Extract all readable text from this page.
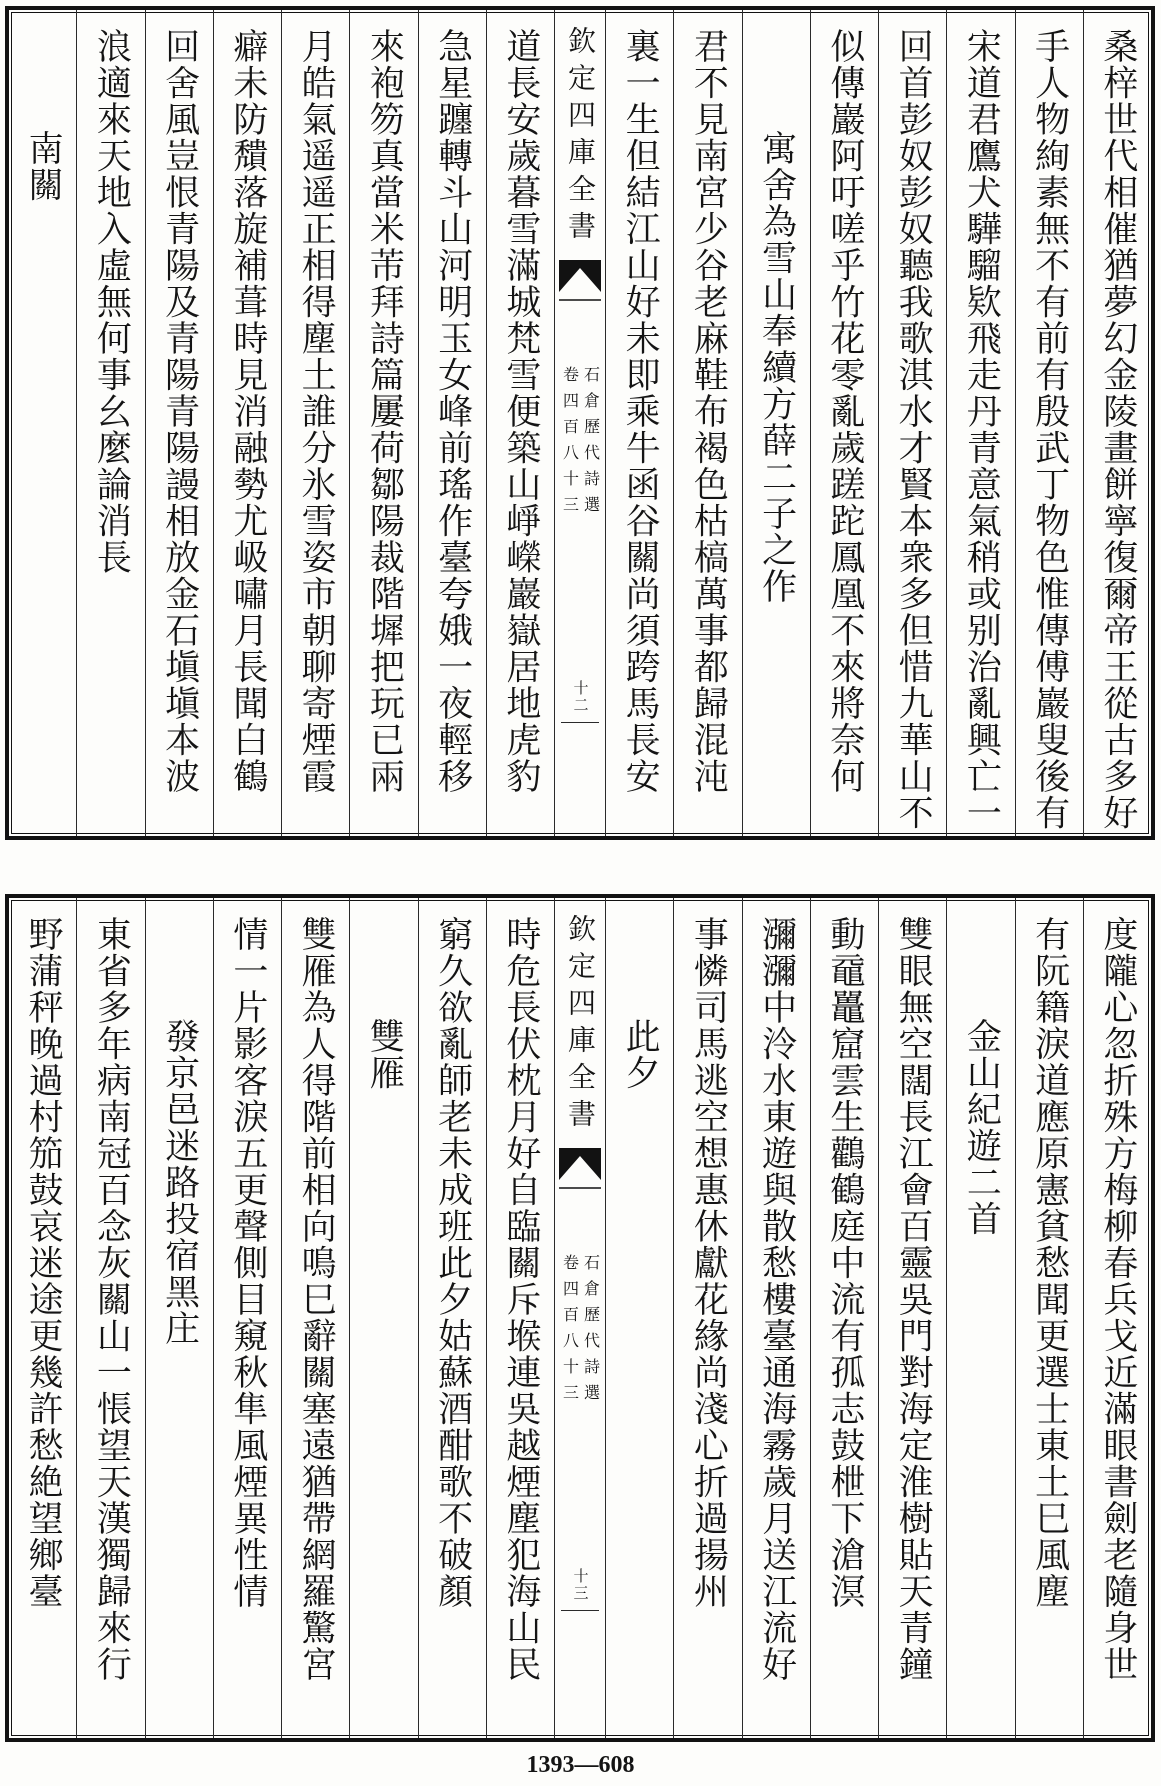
桑梓世代相催猶夢幻金陵畫餅寧復爾帝王從古多好
手人物絢素無不有前有殷武丁物色惟傳傅巖叟後有
宋道君鷹犬驊騮欵飛走丹青意氣稍或别治亂興亡一
回首彭奴彭奴聽我歌淇水才賢本衆多但惜九華山不
似傳巖阿吁嗟乎竹花零亂歲蹉跎鳳凰不來將奈何
寓舍為雪山奉續方薛二子之作
君不見南宮少谷老麻鞋布褐色枯槁萬事都歸混沌
裏一生但結江山好未即乘牛函谷關尚須跨馬長安
欽定四庫全書
石倉歷代詩選
卷四百八十三
十二
道長安歲暮雪滿城梵雪便築山崢嶸巖嶽居地虎豹
急星躔轉斗山河明玉女峰前瑤作臺夸娥一夜輕移
來袍笏真當米芾拜詩篇屢荷鄒陽裁階墀把玩已兩
月皓氣遥遥正相得塵土誰分氷雪姿市朝聊寄煙霞
癖未防穨落旋補葺時見消融勢尤岋嘯月長聞白鶴
回舍風豈恨青陽及青陽青陽謾相放金石塡塡本波
浪適來天地入虛無何事幺麼論消長
南關
度隴心忽折殊方梅柳春兵戈近滿眼書劍老隨身世
有阮籍淚道應原憲貧愁聞更選士東土巳風塵
金山紀遊二首
雙眼無空闊長江會百靈吳門對海定淮樹貼天青鐘
動黿鼉窟雲生鸛鶴庭中流有孤志鼓枻下滄溟
瀰瀰中泠水東遊與散愁樓臺通海霧歲月送江流好
事憐司馬逃空想惠休獻花緣尚淺心折過揚州
此夕
欽定四庫全書
石倉歷代詩選
卷四百八十三
十三
時危長伏枕月好自臨關斥堠連吳越煙塵犯海山民
窮久欲亂師老未成班此夕姑蘇酒酣歌不破顏
雙雁
雙雁為人得階前相向鳴巳辭關塞遠猶帶網羅驚宮
情一片影客淚五更聲側目窺秋隼風煙異性情
發京邑迷路投宿黑庄
東省多年病南冠百念灰關山一悵望天漢獨歸來行
野蒲秤晚過村笳鼓哀迷途更幾許愁絶望鄉臺
1393—608
